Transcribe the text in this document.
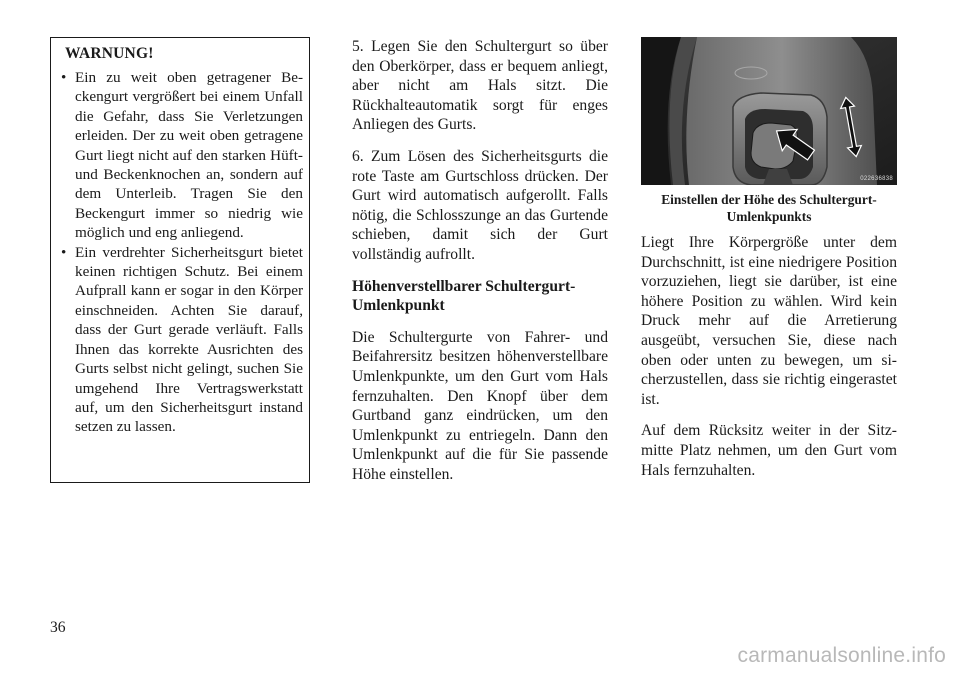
WARNUNG!
• Ein zu weit oben getragener Beckengurt vergrößert bei einem Unfall die Gefahr, dass Sie Verletzungen erleiden. Der zu weit oben getragene Gurt liegt nicht auf den starken Hüft- und Beckenknochen an, sondern auf dem Unterleib. Tragen Sie den Beckengurt immer so niedrig wie möglich und eng anliegend.
• Ein verdrehter Sicherheitsgurt bietet keinen richtigen Schutz. Bei einem Aufprall kann er sogar in den Körper einschneiden. Achten Sie darauf, dass der Gurt gerade verläuft. Falls Ihnen das korrekte Ausrichten des Gurts selbst nicht gelingt, suchen Sie umgehend Ihre Vertragswerkstatt auf, um den Sicherheitsgurt instand setzen zu lassen.

5. Legen Sie den Schultergurt so über den Oberkörper, dass er bequem anliegt, aber nicht am Hals sitzt. Die Rückhalteautomatik sorgt für enges Anliegen des Gurts.

6. Zum Lösen des Sicherheitsgurts die rote Taste am Gurtschloss drücken. Der Gurt wird automatisch aufgerollt. Falls nötig, die Schlosszunge an das Gurtende schieben, damit sich der Gurt vollständig aufrollt.

Höhenverstellbarer Schultergurt-Umlenkpunkt

Die Schultergurte von Fahrer- und Beifahrersitz besitzen höhenverstellbare Umlenkpunkte, um den Gurt vom Hals fernzuhalten. Den Knopf über dem Gurtband ganz eindrücken, um den Umlenkpunkt zu entriegeln. Dann den Umlenkpunkt auf die für Sie passende Höhe einstellen.

022636838
Einstellen der Höhe des Schultergurt-Umlenkpunkts

Liegt Ihre Körpergröße unter dem Durchschnitt, ist eine niedrigere Position vorzuziehen, liegt sie darüber, ist eine höhere Position zu wählen. Wird kein Druck mehr auf die Arretierung ausgeübt, versuchen Sie, diese nach oben oder unten zu bewegen, um sicherzustellen, dass sie richtig eingerastet ist.

Auf dem Rücksitz weiter in der Sitzmitte Platz nehmen, um den Gurt vom Hals fernzuhalten.

36
carmanualsonline.info
